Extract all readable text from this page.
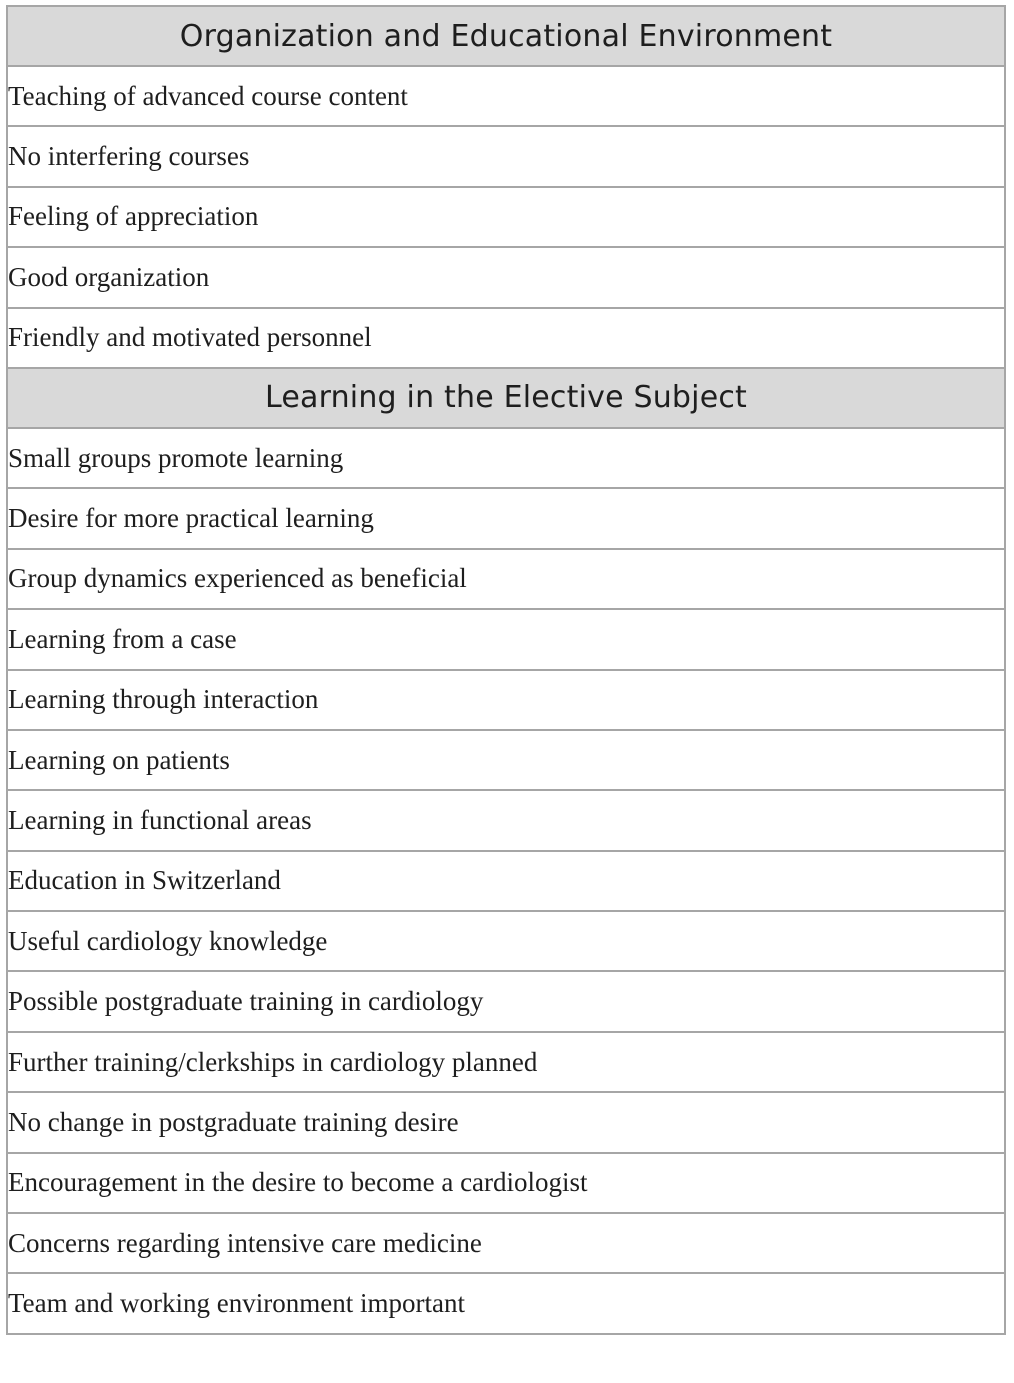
Organization and Educational Environment
Teaching of advanced course content
No interfering courses
Feeling of appreciation
Good organization
Friendly and motivated personnel
Learning in the Elective Subject
Small groups promote learning
Desire for more practical learning
Group dynamics experienced as beneficial
Learning from a case
Learning through interaction
Learning on patients
Learning in functional areas
Education in Switzerland
Useful cardiology knowledge
Possible postgraduate training in cardiology
Further training/clerkships in cardiology planned
No change in postgraduate training desire
Encouragement in the desire to become a cardiologist
Concerns regarding intensive care medicine
Team and working environment important
